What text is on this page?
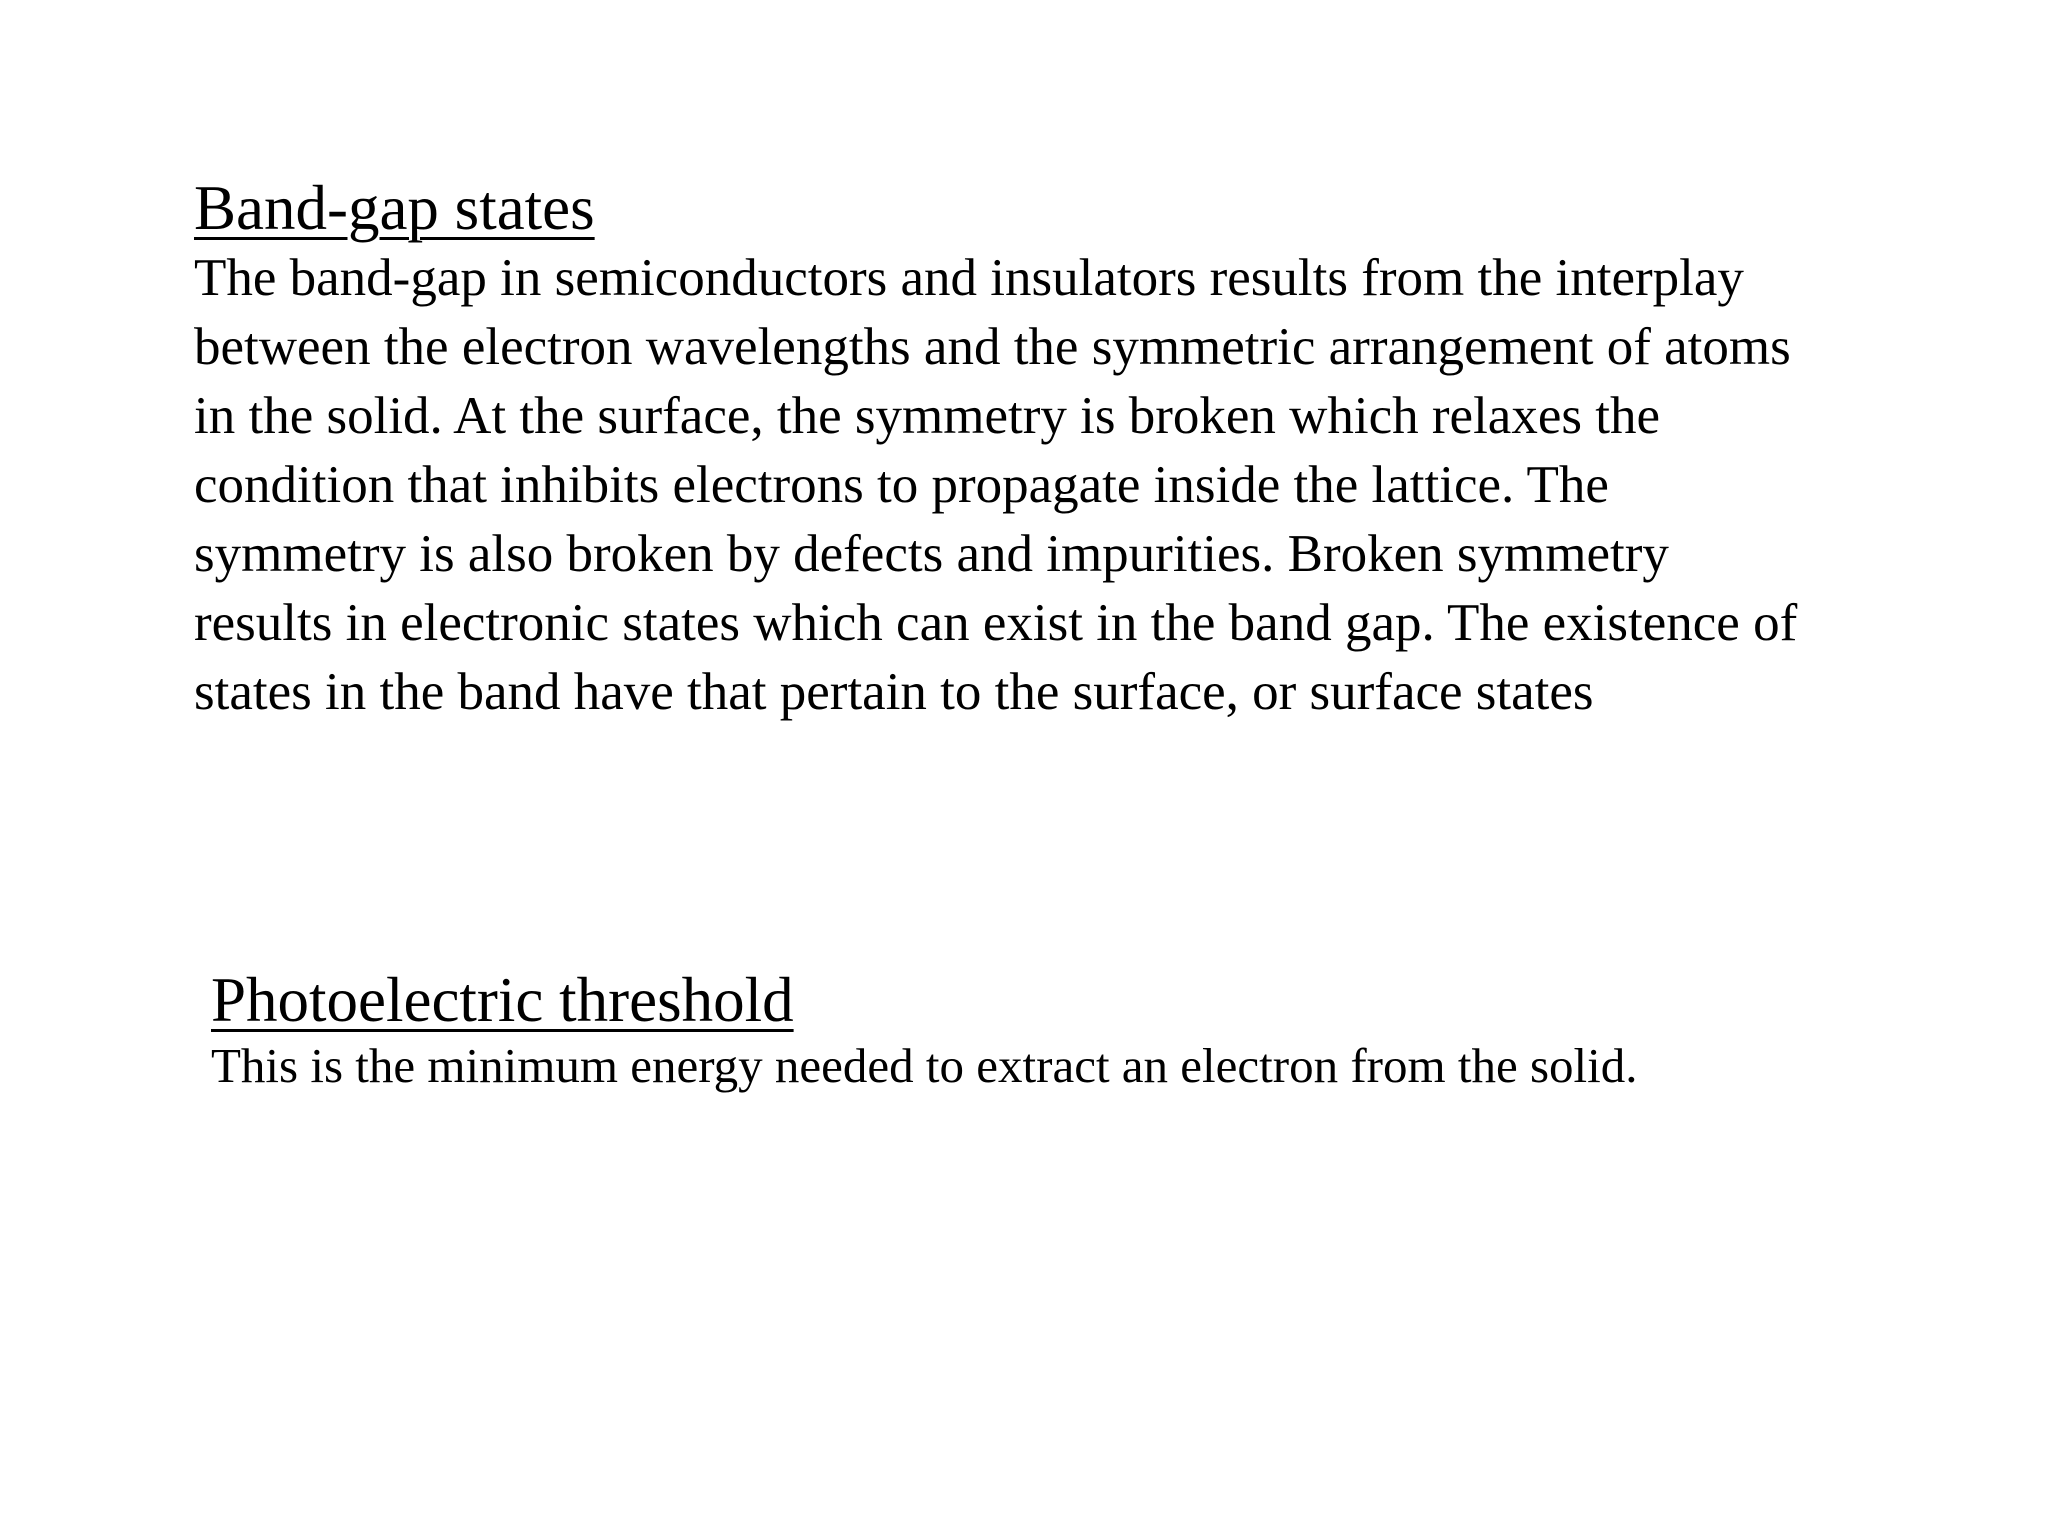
Band-gap states

The band-gap in semiconductors and insulators results from the interplay

between the electron wavelengths and the symmetric arrangement of atoms

in the solid. At the surface, the symmetry is broken which relaxes the

condition that inhibits electrons to propagate inside the lattice. The

symmetry is also broken by defects and impurities. Broken symmetry

results in electronic states which can exist in the band gap. The existence of

states in the band have that pertain to the surface, or surface states

Photoelectric threshold

This is the minimum energy needed to extract an electron from the solid.
